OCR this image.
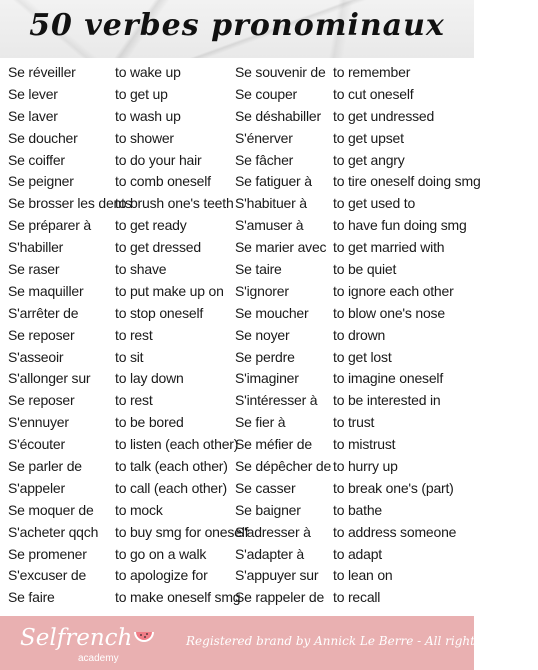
50 verbes pronominaux
Se réveiller
Se lever
Se laver
Se doucher
Se coiffer
Se peigner
Se brosser les dents
Se préparer à
S'habiller
Se raser
Se maquiller
S'arrêter de
Se reposer
S'asseoir
S'allonger sur
Se reposer
S'ennuyer
S'écouter
Se parler de
S'appeler
Se moquer de
S'acheter qqch
Se promener
S'excuser de
Se faire
to wake up
to get up
to wash up
to shower
to do your hair
to comb oneself
to brush one's teeth
to get ready
to get dressed
to shave
to put make up on
to stop oneself
to rest
to sit
to lay down
to rest
to be bored
to listen (each other)
to talk (each other)
to call (each other)
to mock
to buy smg for oneself
to go on a walk
to apologize for
to make oneself smg
Se souvenir de
Se couper
Se déshabiller
S'énerver
Se fâcher
Se fatiguer à
S'habituer à
S'amuser à
Se marier avec
Se taire
S'ignorer
Se moucher
Se noyer
Se perdre
S'imaginer
S'intéresser à
Se fier à
Se méfier de
Se dépêcher de
Se casser
Se baigner
S'adresser à
S'adapter à
S'appuyer sur
Se rappeler de
to remember
to cut oneself
to get undressed
to get upset
to get angry
to tire oneself doing smg
to get used to
to have fun doing smg
to get married with
to be quiet
to ignore each other
to blow one's nose
to drown
to get lost
to imagine oneself
to be interested in
to trust
to mistrust
to hurry up
to break one's (part)
to bathe
to address someone
to adapt
to lean on
to recall
Selfrench
academy
Registered brand by Annick Le Berre - All rights reserved
